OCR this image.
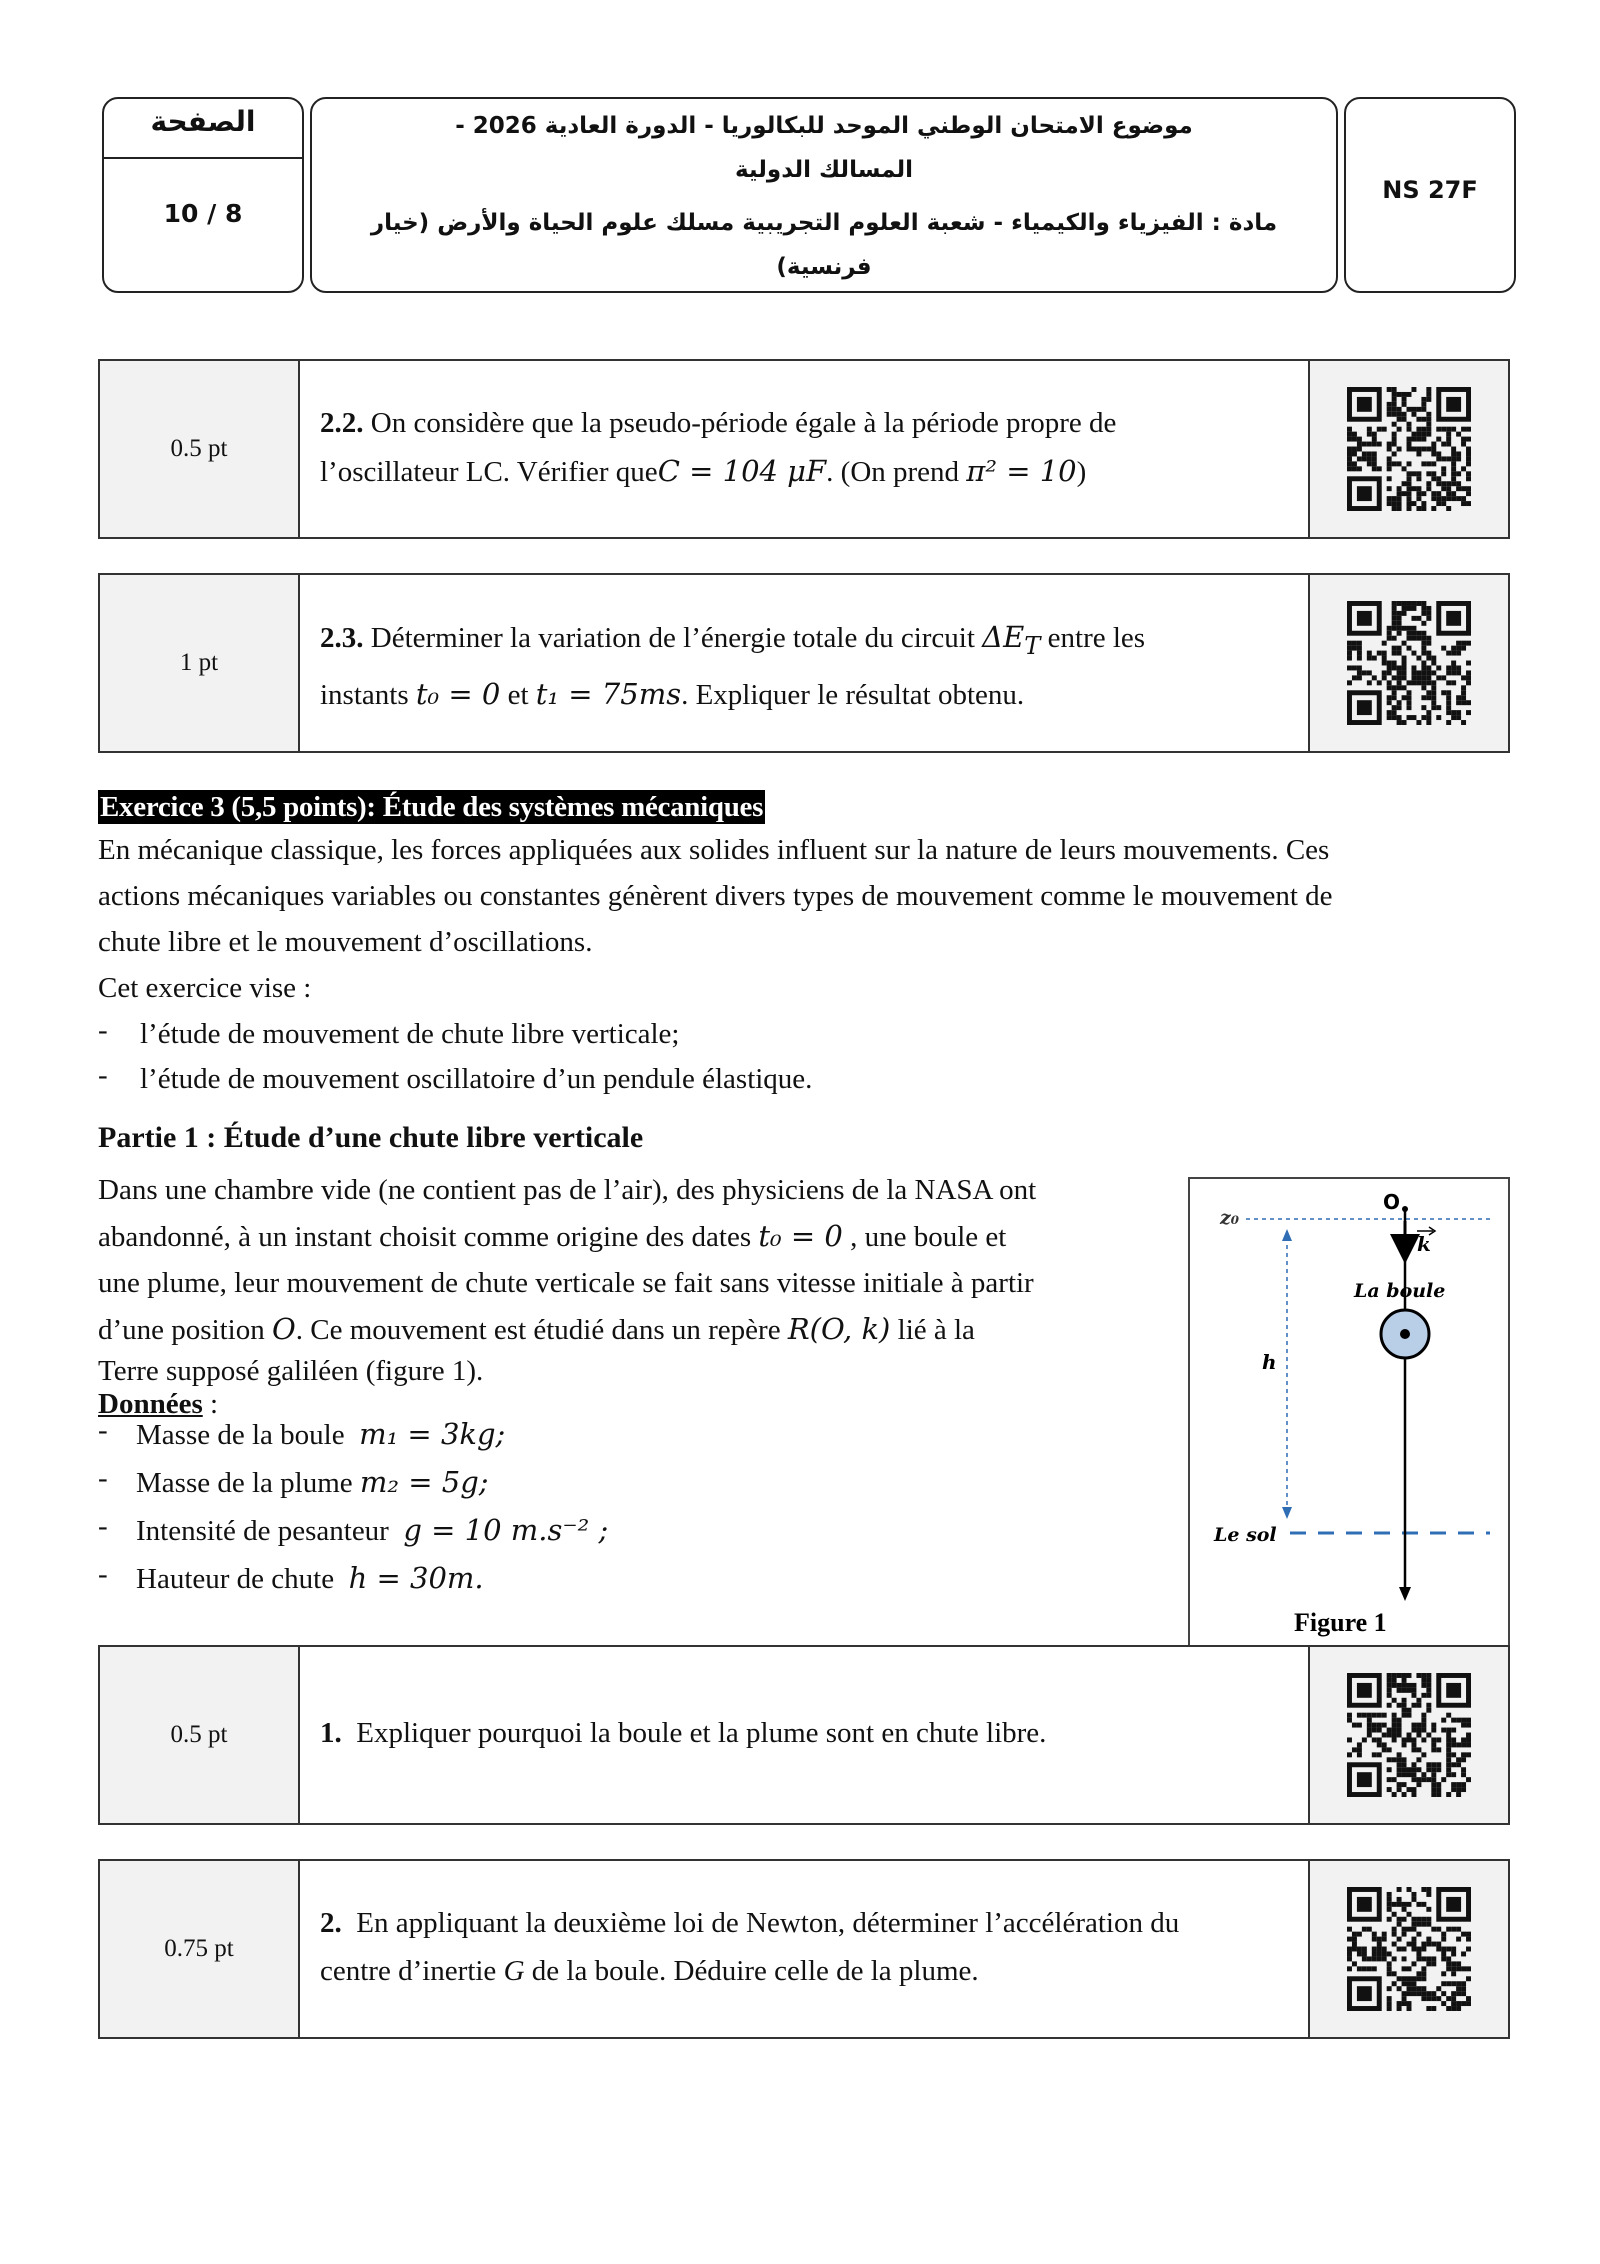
الصفحة
10 / 8
موضوع الامتحان الوطني الموحد للبكالوريا - الدورة العادية 2026 -
المسالك الدولية
مادة : الفيزياء والكيمياء - شعبة العلوم التجريبية مسلك علوم الحياة والأرض (خيار فرنسية)
NS 27F
0.5 pt
2.2. On considère que la pseudo-période égale à la période propre de
l’oscillateur LC. Vérifier queC = 104 μF. (On prend π² = 10)
1 pt
2.3. Déterminer la variation de l’énergie totale du circuit $\Delta E_T$ entre les
instants t₀ = 0 et t₁ = 75ms. Expliquer le résultat obtenu.
Exercice 3 (5,5 points): Étude des systèmes mécaniques
En mécanique classique, les forces appliquées aux solides influent sur la nature de leurs mouvements. Ces
actions mécaniques variables ou constantes génèrent divers types de mouvement comme le mouvement de
chute libre et le mouvement d’oscillations.
Cet exercice vise :
- l’étude de mouvement de chute libre verticale;
- l’étude de mouvement oscillatoire d’un pendule élastique.
Partie 1 : Étude d’une chute libre verticale
Dans une chambre vide (ne contient pas de l’air), des physiciens de la NASA ont
abandonné, à un instant choisit comme origine des dates t₀ = 0 , une boule et
une plume, leur mouvement de chute verticale se fait sans vitesse initiale à partir
d’une position O. Ce mouvement est étudié dans un repère R(O, k) lié à la
Terre supposé galiléen (figure 1).
Données :
- Masse de la boule m₁ = 3kg;
- Masse de la plume m₂ = 5g;
- Intensité de pesanteur g = 10 m.s⁻² ;
- Hauteur de chute h = 30m.
z₀
O
k
La boule
h
Le sol
Figure 1
0.5 pt	1. Expliquer pourquoi la boule et la plume sont en chute libre.
0.75 pt
2. En appliquant la deuxième loi de Newton, déterminer l’accélération du
centre d’inertie G de la boule. Déduire celle de la plume.
